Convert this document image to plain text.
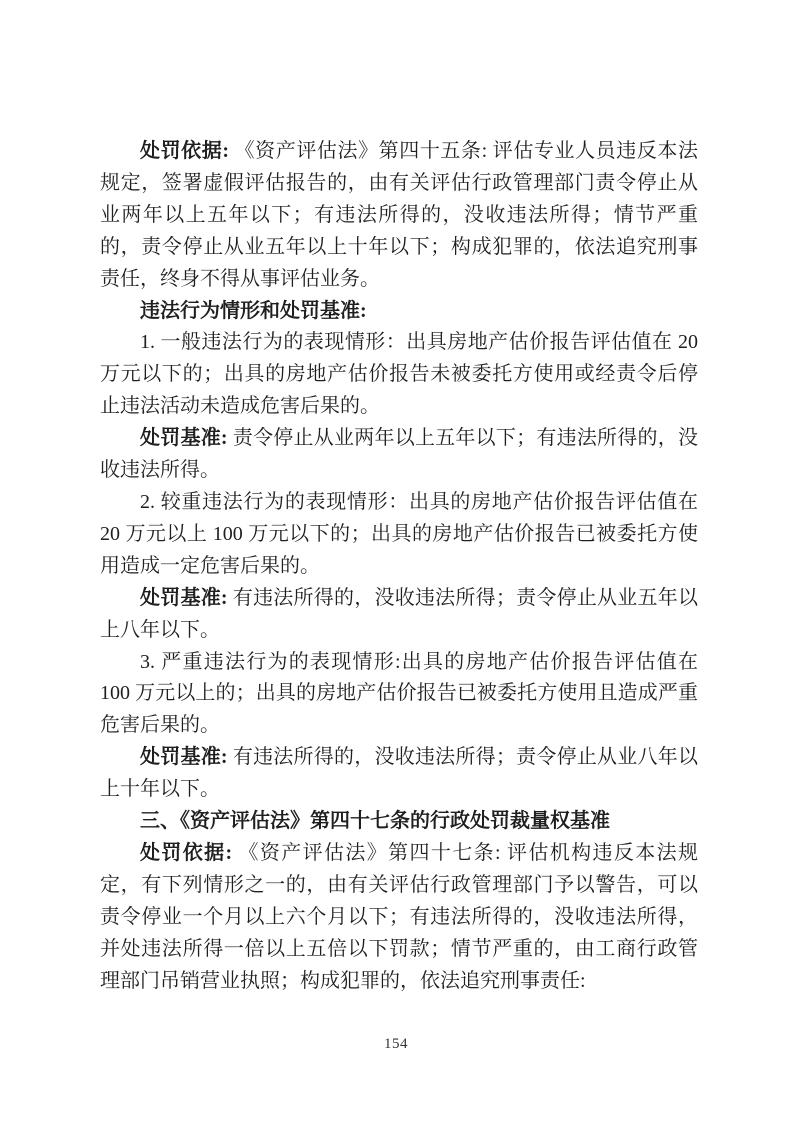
处罚依据: 《资产评估法》第四十五条: 评估专业人员违反本法规定，签署虚假评估报告的，由有关评估行政管理部门责令停止从业两年以上五年以下；有违法所得的，没收违法所得；情节严重的，责令停止从业五年以上十年以下；构成犯罪的，依法追究刑事责任，终身不得从事评估业务。

违法行为情形和处罚基准:

1. 一般违法行为的表现情形：出具房地产估价报告评估值在 20 万元以下的；出具的房地产估价报告未被委托方使用或经责令后停止违法活动未造成危害后果的。

处罚基准: 责令停止从业两年以上五年以下；有违法所得的，没收违法所得。

2. 较重违法行为的表现情形：出具的房地产估价报告评估值在 20 万元以上 100 万元以下的；出具的房地产估价报告已被委托方使用造成一定危害后果的。

处罚基准: 有违法所得的，没收违法所得；责令停止从业五年以上八年以下。

3. 严重违法行为的表现情形:出具的房地产估价报告评估值在 100 万元以上的；出具的房地产估价报告已被委托方使用且造成严重危害后果的。

处罚基准: 有违法所得的，没收违法所得；责令停止从业八年以上十年以下。

三、《资产评估法》第四十七条的行政处罚裁量权基准

处罚依据: 《资产评估法》第四十七条: 评估机构违反本法规定，有下列情形之一的，由有关评估行政管理部门予以警告，可以责令停业一个月以上六个月以下；有违法所得的，没收违法所得，并处违法所得一倍以上五倍以下罚款；情节严重的，由工商行政管理部门吊销营业执照；构成犯罪的，依法追究刑事责任:

154
